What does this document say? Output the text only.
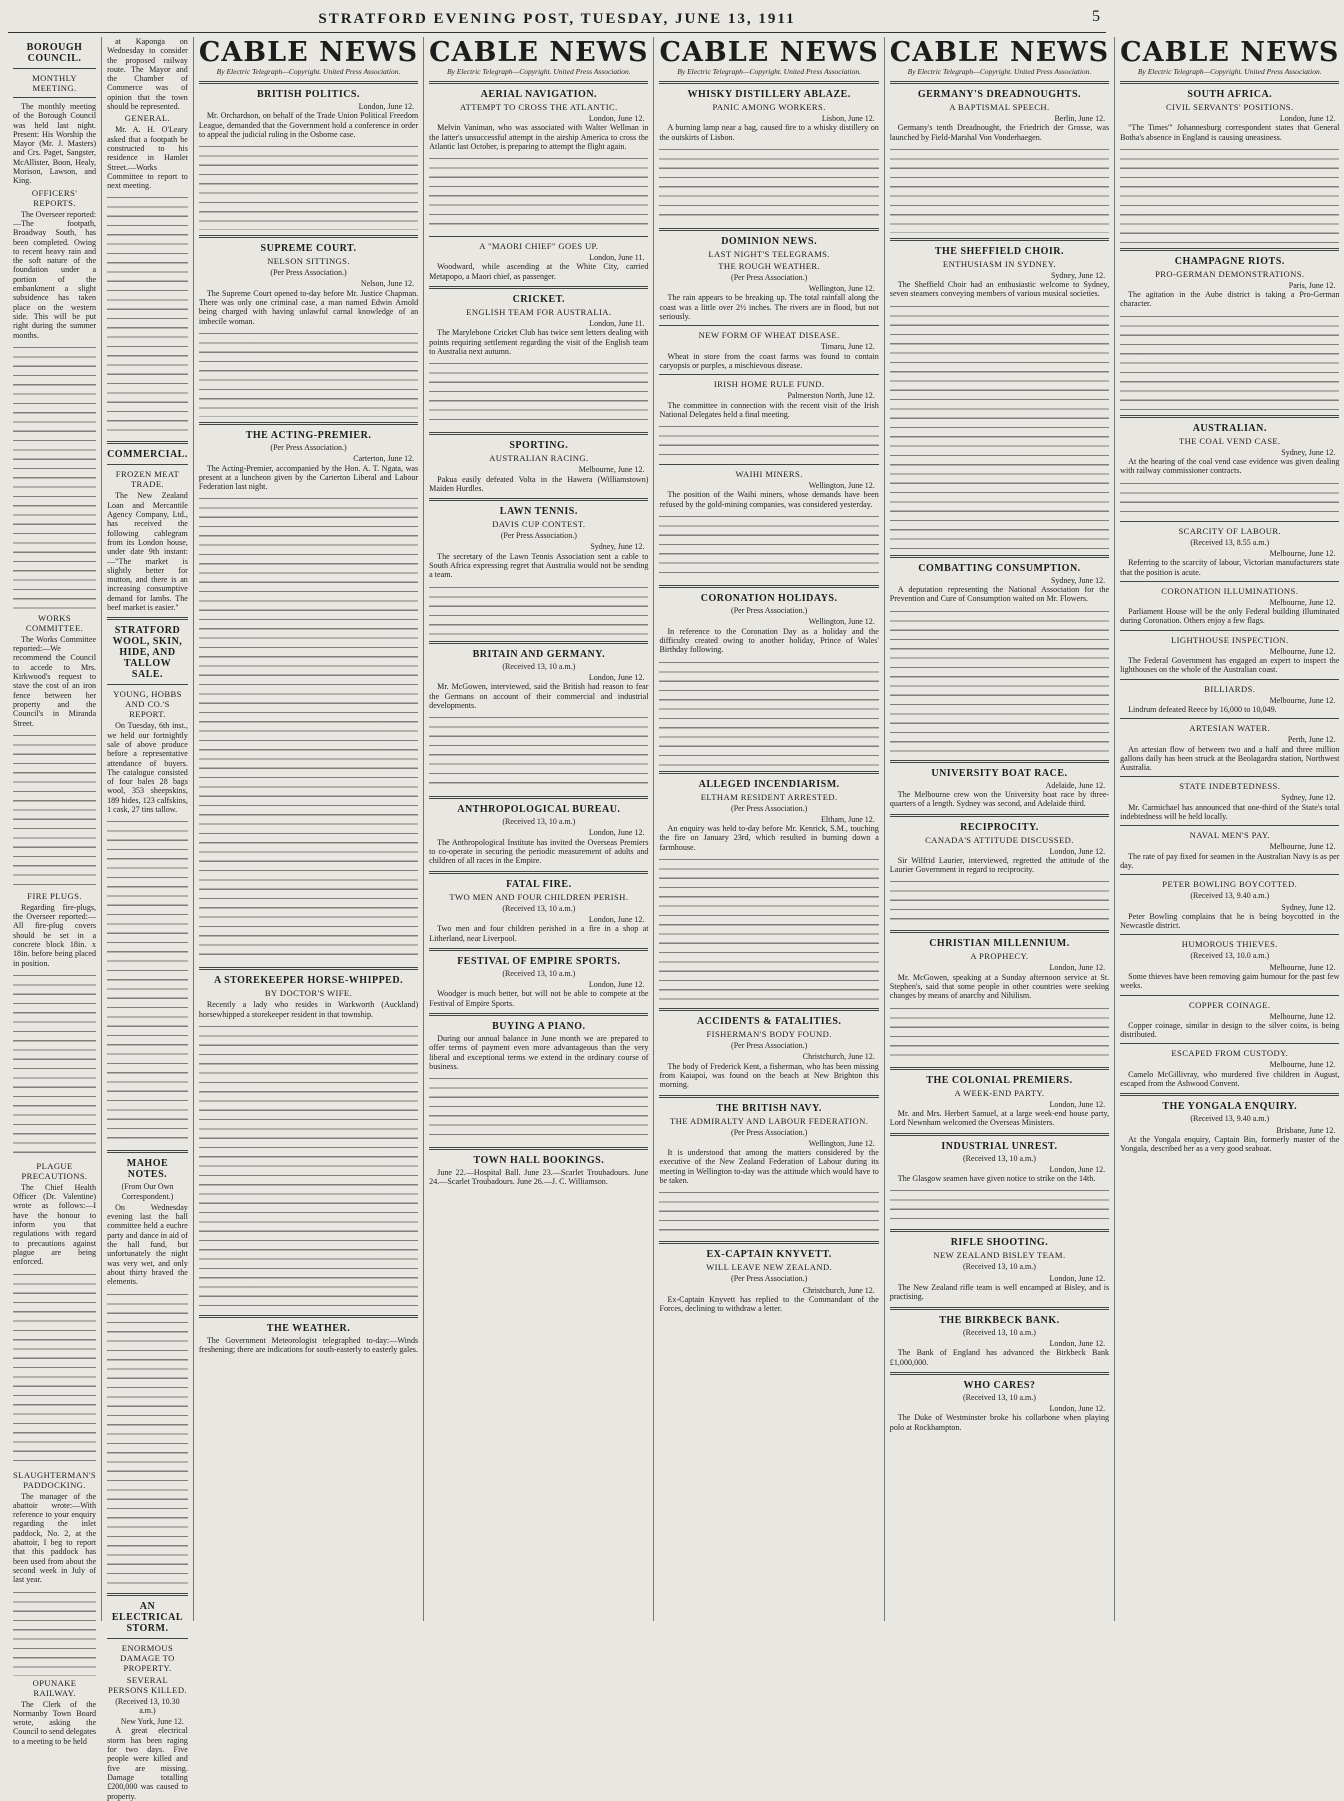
STRATFORD EVENING POST, TUESDAY, JUNE 13, 1911	5
BOROUGH COUNCIL.
MONTHLY MEETING.

The monthly meeting of the Borough Council was held last night. Present: His Worship the Mayor (Mr. J. Masters) and Crs. Paget, Sangster, McAllister, Boon, Healy, Morison, Lawson, and King.

OFFICERS' REPORTS.

The Overseer reported:—The footpath, Broadway South, has been completed. Owing to recent heavy rain and the soft nature of the foundation under a portion of the embankment a slight subsidence has taken place on the western side. This will be put right during the summer months.

WORKS COMMITTEE.

The Works Committee reported:—We recommend the Council to accede to Mrs. Kirkwood's request to stave the cost of an iron fence between her property and the Council's in Miranda Street.

FIRE PLUGS.

Regarding fire-plugs, the Overseer reported:—All fire-plug covers should be set in a concrete block 18in. x 18in. before being placed in position.

PLAGUE PRECAUTIONS.

The Chief Health Officer (Dr. Valentine) wrote as follows:—I have the honour to inform you that regulations with regard to precautions against plague are being enforced.

SLAUGHTERMAN'S PADDOCKING.

The manager of the abattoir wrote:—With reference to your enquiry regarding the inlet paddock, No. 2, at the abattoir, I beg to report that this paddock has been used from about the second week in July of last year.

OPUNAKE RAILWAY.

The Clerk of the Normanby Town Board wrote, asking the Council to send delegates to a meeting to be held

at Kaponga on Wednesday to consider the proposed railway route. The Mayor and the Chamber of Commerce was of opinion that the town should be represented.

GENERAL.

Mr. A. H. O'Leary asked that a footpath be constructed to his residence in Hamlet Street.—Works Committee to report to next meeting.

COMMERCIAL.
FROZEN MEAT TRADE.

The New Zealand Loan and Mercantile Agency Company, Ltd., has received the following cablegram from its London house, under date 9th instant:—"The market is slightly better for mutton, and there is an increasing consumptive demand for lambs. The beef market is easier."

STRATFORD WOOL, SKIN, HIDE, AND TALLOW SALE.
YOUNG, HOBBS AND CO.'S REPORT.

On Tuesday, 6th inst., we held our fortnightly sale of above produce before a representative attendance of buyers. The catalogue consisted of four bales 28 bags wool, 353 sheepskins, 189 hides, 123 calfskins, 1 cask, 27 tins tallow.

MAHOE NOTES.
(From Our Own Correspondent.)

On Wednesday evening last the hall committee held a euchre party and dance in aid of the hall fund, but unfortunately the night was very wet, and only about thirty braved the elements.

AN ELECTRICAL STORM.
ENORMOUS DAMAGE TO PROPERTY.
SEVERAL PERSONS KILLED.
(Received 13, 10.30 a.m.)
New York, June 12.

A great electrical storm has been raging for two days. Five people were killed and five are missing. Damage totalling £200,000 was caused to property.

CABLE NEWS
By Electric Telegraph—Copyright. United Press Association.
BRITISH POLITICS.
London, June 12.

Mr. Orchardson, on behalf of the Trade Union Political Freedom League, demanded that the Government hold a conference in order to appeal the judicial ruling in the Osborne case.

SUPREME COURT.
NELSON SITTINGS.
(Per Press Association.)
Nelson, June 12.

The Supreme Court opened to-day before Mr. Justice Chapman. There was only one criminal case, a man named Edwin Arnold being charged with having unlawful carnal knowledge of an imbecile woman.

THE ACTING-PREMIER.
(Per Press Association.)
Carterton, June 12.

The Acting-Premier, accompanied by the Hon. A. T. Ngata, was present at a luncheon given by the Carterton Liberal and Labour Federation last night.

A STOREKEEPER HORSE-WHIPPED.
BY DOCTOR'S WIFE.

Recently a lady who resides in Warkworth (Auckland) horsewhipped a storekeeper resident in that township.

THE WEATHER.

The Government Meteorologist telegraphed to-day:—Winds freshening; there are indications for south-easterly to easterly gales.

CABLE NEWS
By Electric Telegraph—Copyright. United Press Association.
AERIAL NAVIGATION.
ATTEMPT TO CROSS THE ATLANTIC.
London, June 12.

Melvin Vaniman, who was associated with Walter Wellman in the latter's unsuccessful attempt in the airship America to cross the Atlantic last October, is preparing to attempt the flight again.

A "MAORI CHIEF" GOES UP.
London, June 11.

Woodward, while ascending at the White City, carried Metapopo, a Maori chief, as passenger.

CRICKET.
ENGLISH TEAM FOR AUSTRALIA.
London, June 11.

The Marylebone Cricket Club has twice sent letters dealing with points requiring settlement regarding the visit of the English team to Australia next autumn.

SPORTING.
AUSTRALIAN RACING.
Melbourne, June 12.

Pakua easily defeated Volta in the Hawera (Williamstown) Maiden Hurdles.

LAWN TENNIS.
DAVIS CUP CONTEST.
(Per Press Association.)
Sydney, June 12.

The secretary of the Lawn Tennis Association sent a cable to South Africa expressing regret that Australia would not be sending a team.

BRITAIN AND GERMANY.
(Received 13, 10 a.m.)
London, June 12.

Mr. McGowen, interviewed, said the British had reason to fear the Germans on account of their commercial and industrial developments.

ANTHROPOLOGICAL BUREAU.
(Received 13, 10 a.m.)
London, June 12.

The Anthropological Institute has invited the Overseas Premiers to co-operate in securing the periodic measurement of adults and children of all races in the Empire.

FATAL FIRE.
TWO MEN AND FOUR CHILDREN PERISH.
(Received 13, 10 a.m.)
London, June 12.

Two men and four children perished in a fire in a shop at Litherland, near Liverpool.

FESTIVAL OF EMPIRE SPORTS.
(Received 13, 10 a.m.)
London, June 12.

Woodger is much better, but will not be able to compete at the Festival of Empire Sports.

BUYING A PIANO.

During our annual balance in June month we are prepared to offer terms of payment even more advantageous than the very liberal and exceptional terms we extend in the ordinary course of business.

TOWN HALL BOOKINGS.

June 22.—Hospital Ball. June 23.—Scarlet Troubadours. June 24.—Scarlet Troubadours. June 26.—J. C. Williamson.

CABLE NEWS
By Electric Telegraph—Copyright. United Press Association.
WHISKY DISTILLERY ABLAZE.
PANIC AMONG WORKERS.
Lisbon, June 12.

A burning lamp near a bag, caused fire to a whisky distillery on the outskirts of Lisbon.

DOMINION NEWS.
LAST NIGHT'S TELEGRAMS.
THE ROUGH WEATHER.
(Per Press Association.)
Wellington, June 12.

The rain appears to be breaking up. The total rainfall along the coast was a little over 2½ inches. The rivers are in flood, but not seriously.

NEW FORM OF WHEAT DISEASE.
Timaru, June 12.

Wheat in store from the coast farms was found to contain caryopsis or purples, a mischievous disease.

IRISH HOME RULE FUND.
Palmerston North, June 12.

The committee in connection with the recent visit of the Irish National Delegates held a final meeting.

WAIHI MINERS.
Wellington, June 12.

The position of the Waihi miners, whose demands have been refused by the gold-mining companies, was considered yesterday.

CORONATION HOLIDAYS.
(Per Press Association.)
Wellington, June 12.

In reference to the Coronation Day as a holiday and the difficulty created owing to another holiday, Prince of Wales' Birthday following.

ALLEGED INCENDIARISM.
ELTHAM RESIDENT ARRESTED.
(Per Press Association.)
Eltham, June 12.

An enquiry was held to-day before Mr. Kenrick, S.M., touching the fire on January 23rd, which resulted in burning down a farmhouse.

ACCIDENTS & FATALITIES.
FISHERMAN'S BODY FOUND.
(Per Press Association.)
Christchurch, June 12.

The body of Frederick Kent, a fisherman, who has been missing from Kaiapoi, was found on the beach at New Brighton this morning.

THE BRITISH NAVY.
THE ADMIRALTY AND LABOUR FEDERATION.
(Per Press Association.)
Wellington, June 12.

It is understood that among the matters considered by the executive of the New Zealand Federation of Labour during its meeting in Wellington to-day was the attitude which would have to be taken.

EX-CAPTAIN KNYVETT.
WILL LEAVE NEW ZEALAND.
(Per Press Association.)
Christchurch, June 12.

Ex-Captain Knyvett has replied to the Commandant of the Forces, declining to withdraw a letter.

CABLE NEWS
By Electric Telegraph—Copyright. United Press Association.
GERMANY'S DREADNOUGHTS.
A BAPTISMAL SPEECH.
Berlin, June 12.

Germany's tenth Dreadnought, the Friedrich der Grosse, was launched by Field-Marshal Von Vonderhaegen.

THE SHEFFIELD CHOIR.
ENTHUSIASM IN SYDNEY.
Sydney, June 12.

The Sheffield Choir had an enthusiastic welcome to Sydney, seven steamers conveying members of various musical societies.

COMBATTING CONSUMPTION.
Sydney, June 12.

A deputation representing the National Association for the Prevention and Cure of Consumption waited on Mr. Flowers.

UNIVERSITY BOAT RACE.
Adelaide, June 12.

The Melbourne crew won the University boat race by three-quarters of a length. Sydney was second, and Adelaide third.

RECIPROCITY.
CANADA'S ATTITUDE DISCUSSED.
London, June 12.

Sir Wilfrid Laurier, interviewed, regretted the attitude of the Laurier Government in regard to reciprocity.

CHRISTIAN MILLENNIUM.
A PROPHECY.
London, June 12.

Mr. McGowen, speaking at a Sunday afternoon service at St. Stephen's, said that some people in other countries were seeking changes by means of anarchy and Nihilism.

THE COLONIAL PREMIERS.
A WEEK-END PARTY.
London, June 12.

Mr. and Mrs. Herbert Samuel, at a large week-end house party, Lord Newnham welcomed the Overseas Ministers.

INDUSTRIAL UNREST.
(Received 13, 10 a.m.)
London, June 12.

The Glasgow seamen have given notice to strike on the 14th.

RIFLE SHOOTING.
NEW ZEALAND BISLEY TEAM.
(Received 13, 10 a.m.)
London, June 12.

The New Zealand rifle team is well encamped at Bisley, and is practising.

THE BIRKBECK BANK.
(Received 13, 10 a.m.)
London, June 12.

The Bank of England has advanced the Birkbeck Bank £1,000,000.

WHO CARES?
(Received 13, 10 a.m.)
London, June 12.

The Duke of Westminster broke his collarbone when playing polo at Rockhampton.

CABLE NEWS
By Electric Telegraph—Copyright. United Press Association.
SOUTH AFRICA.
CIVIL SERVANTS' POSITIONS.
London, June 12.

"The Times'" Johannesburg correspondent states that General Botha's absence in England is causing uneasiness.

CHAMPAGNE RIOTS.
PRO-GERMAN DEMONSTRATIONS.
Paris, June 12.

The agitation in the Aube district is taking a Pro-German character.

AUSTRALIAN.
THE COAL VEND CASE.
Sydney, June 12.

At the hearing of the coal vend case evidence was given dealing with railway commissioner contracts.

SCARCITY OF LABOUR.
(Received 13, 8.55 a.m.)
Melbourne, June 12.

Referring to the scarcity of labour, Victorian manufacturers state that the position is acute.

CORONATION ILLUMINATIONS.
Melbourne, June 12.

Parliament House will be the only Federal building illuminated during Coronation. Others enjoy a few flags.

LIGHTHOUSE INSPECTION.
Melbourne, June 12.

The Federal Government has engaged an expert to inspect the lighthouses on the whole of the Australian coast.

BILLIARDS.
Melbourne, June 12.

Lindrum defeated Reece by 16,000 to 10,049.

ARTESIAN WATER.
Perth, June 12.

An artesian flow of between two and a half and three million gallons daily has been struck at the Beolagardra station, Northwest Australia.

STATE INDEBTEDNESS.
Sydney, June 12.

Mr. Carmichael has announced that one-third of the State's total indebtedness will be held locally.

NAVAL MEN'S PAY.
Melbourne, June 12.

The rate of pay fixed for seamen in the Australian Navy is as per day.

PETER BOWLING BOYCOTTED.
(Received 13, 9.40 a.m.)
Sydney, June 12.

Peter Bowling complains that he is being boycotted in the Newcastle district.

HUMOROUS THIEVES.
(Received 13, 10.0 a.m.)
Melbourne, June 12.

Some thieves have been removing gaim humour for the past few weeks.

COPPER COINAGE.
Melbourne, June 12.

Copper coinage, similar in design to the silver coins, is being distributed.

ESCAPED FROM CUSTODY.
Melbourne, June 12.

Camelo McGillivray, who murdered five children in August, escaped from the Ashwood Convent.

THE YONGALA ENQUIRY.
(Received 13, 9.40 a.m.)
Brisbane, June 12.

At the Yongala enquiry, Captain Bin, formerly master of the Yongala, described her as a very good seaboat.
